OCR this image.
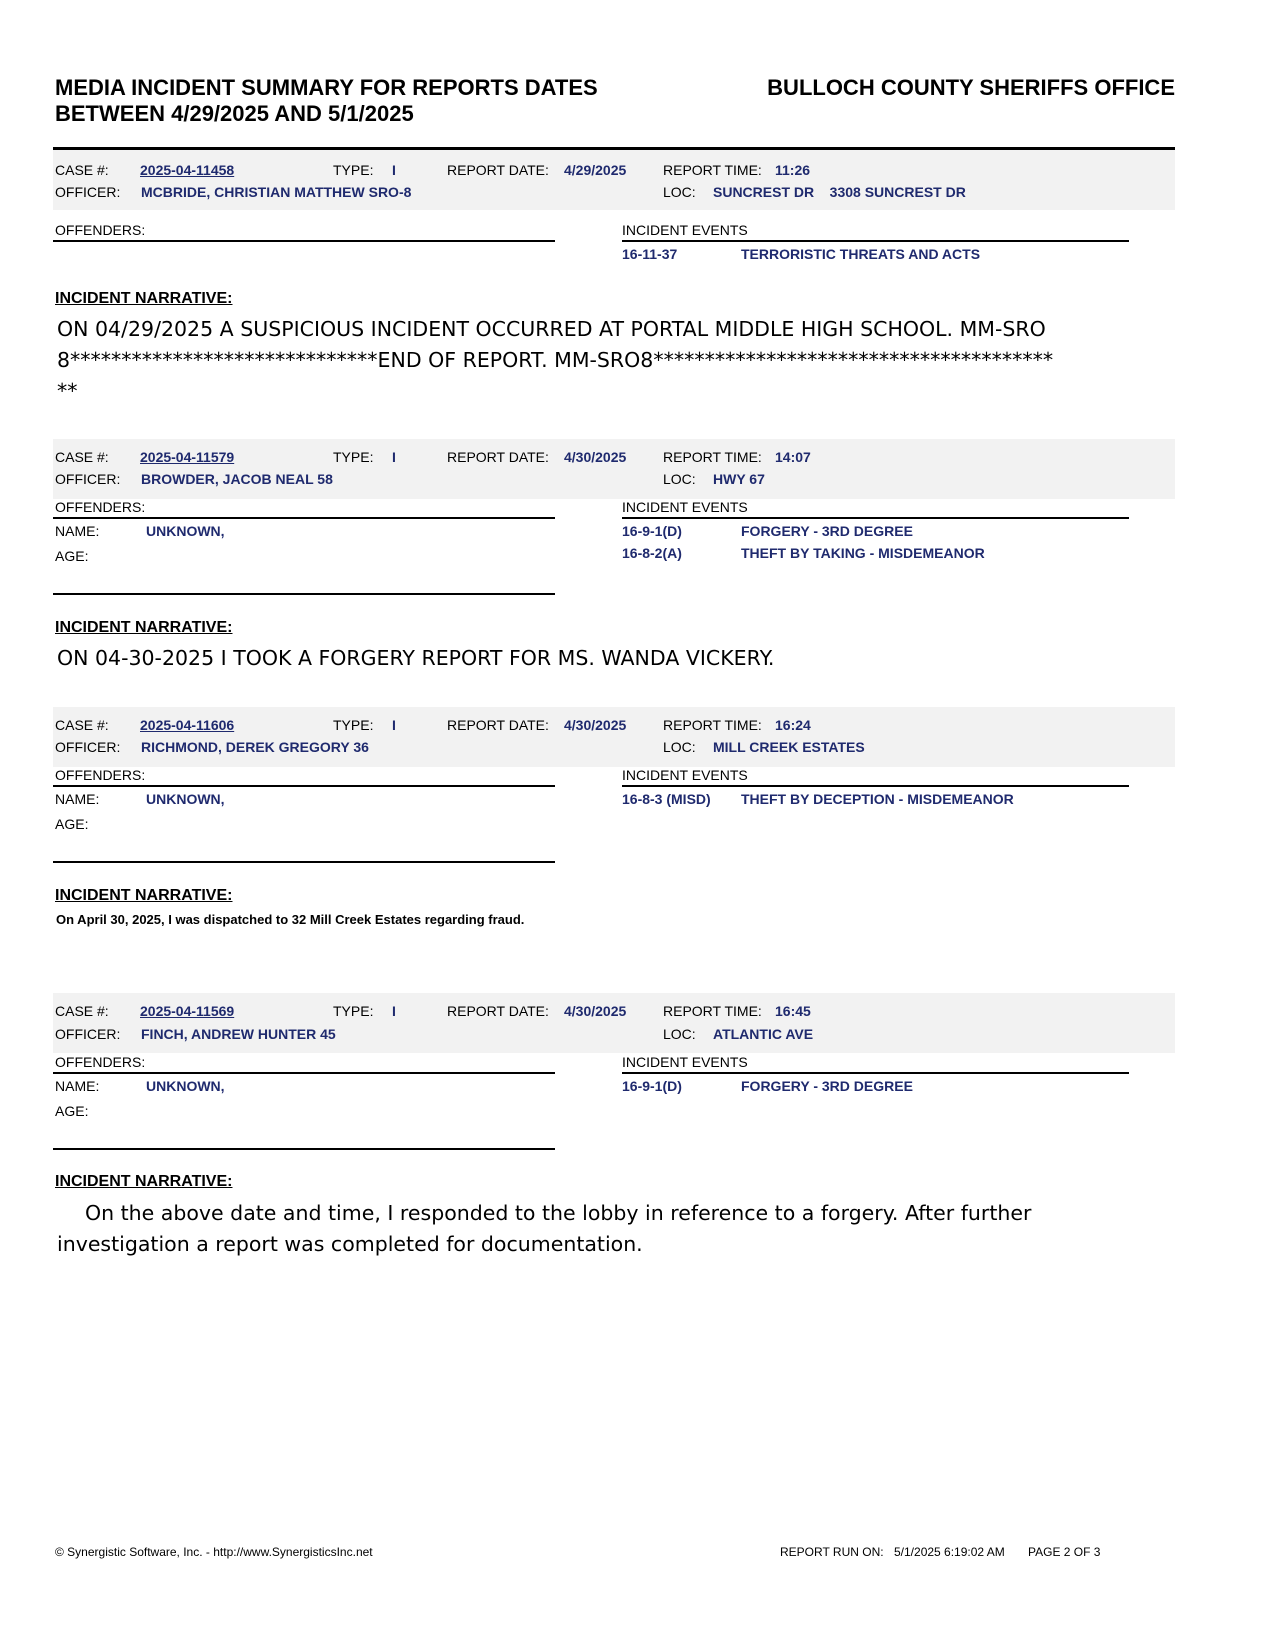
MEDIA INCIDENT SUMMARY FOR REPORTS DATES
BETWEEN 4/29/2025 AND 5/1/2025
BULLOCH COUNTY SHERIFFS OFFICE
CASE #: 2025-04-11458	TYPE: I	REPORT DATE: 4/29/2025	REPORT TIME: 11:26
OFFICER: MCBRIDE, CHRISTIAN MATTHEW SRO-8	LOC: SUNCREST DR    3308 SUNCREST DR
OFFENDERS:	INCIDENT EVENTS
16-11-37	TERRORISTIC THREATS AND ACTS
INCIDENT NARRATIVE:
ON 04/29/2025 A SUSPICIOUS INCIDENT OCCURRED AT PORTAL MIDDLE HIGH SCHOOL. MM-SRO8******************************END OF REPORT. MM-SRO8*****************************************
CASE #: 2025-04-11579	TYPE: I	REPORT DATE: 4/30/2025	REPORT TIME: 14:07
OFFICER: BROWDER, JACOB NEAL 58	LOC: HWY 67
OFFENDERS:
NAME:	UNKNOWN,
AGE:
INCIDENT EVENTS
16-9-1(D)	FORGERY - 3RD DEGREE
16-8-2(A)	THEFT BY TAKING - MISDEMEANOR
INCIDENT NARRATIVE:
ON 04-30-2025 I TOOK A FORGERY REPORT FOR MS. WANDA VICKERY.
CASE #: 2025-04-11606	TYPE: I	REPORT DATE: 4/30/2025	REPORT TIME: 16:24
OFFICER: RICHMOND, DEREK GREGORY 36	LOC: MILL CREEK ESTATES
OFFENDERS:
NAME:	UNKNOWN,
AGE:
INCIDENT EVENTS
16-8-3 (MISD) THEFT BY DECEPTION - MISDEMEANOR
INCIDENT NARRATIVE:
On April 30, 2025, I was dispatched to 32 Mill Creek Estates regarding fraud.
CASE #: 2025-04-11569	TYPE: I	REPORT DATE: 4/30/2025	REPORT TIME: 16:45
OFFICER: FINCH, ANDREW HUNTER 45	LOC: ATLANTIC AVE
OFFENDERS:
NAME:	UNKNOWN,
AGE:
INCIDENT EVENTS
16-9-1(D)	FORGERY - 3RD DEGREE
INCIDENT NARRATIVE:
On the above date and time, I responded to the lobby in reference to a forgery. After further
investigation a report was completed for documentation.
© Synergistic Software, Inc. - http://www.SynergisticsInc.net	REPORT RUN ON: 5/1/2025 6:19:02 AM PAGE 2 OF 3
